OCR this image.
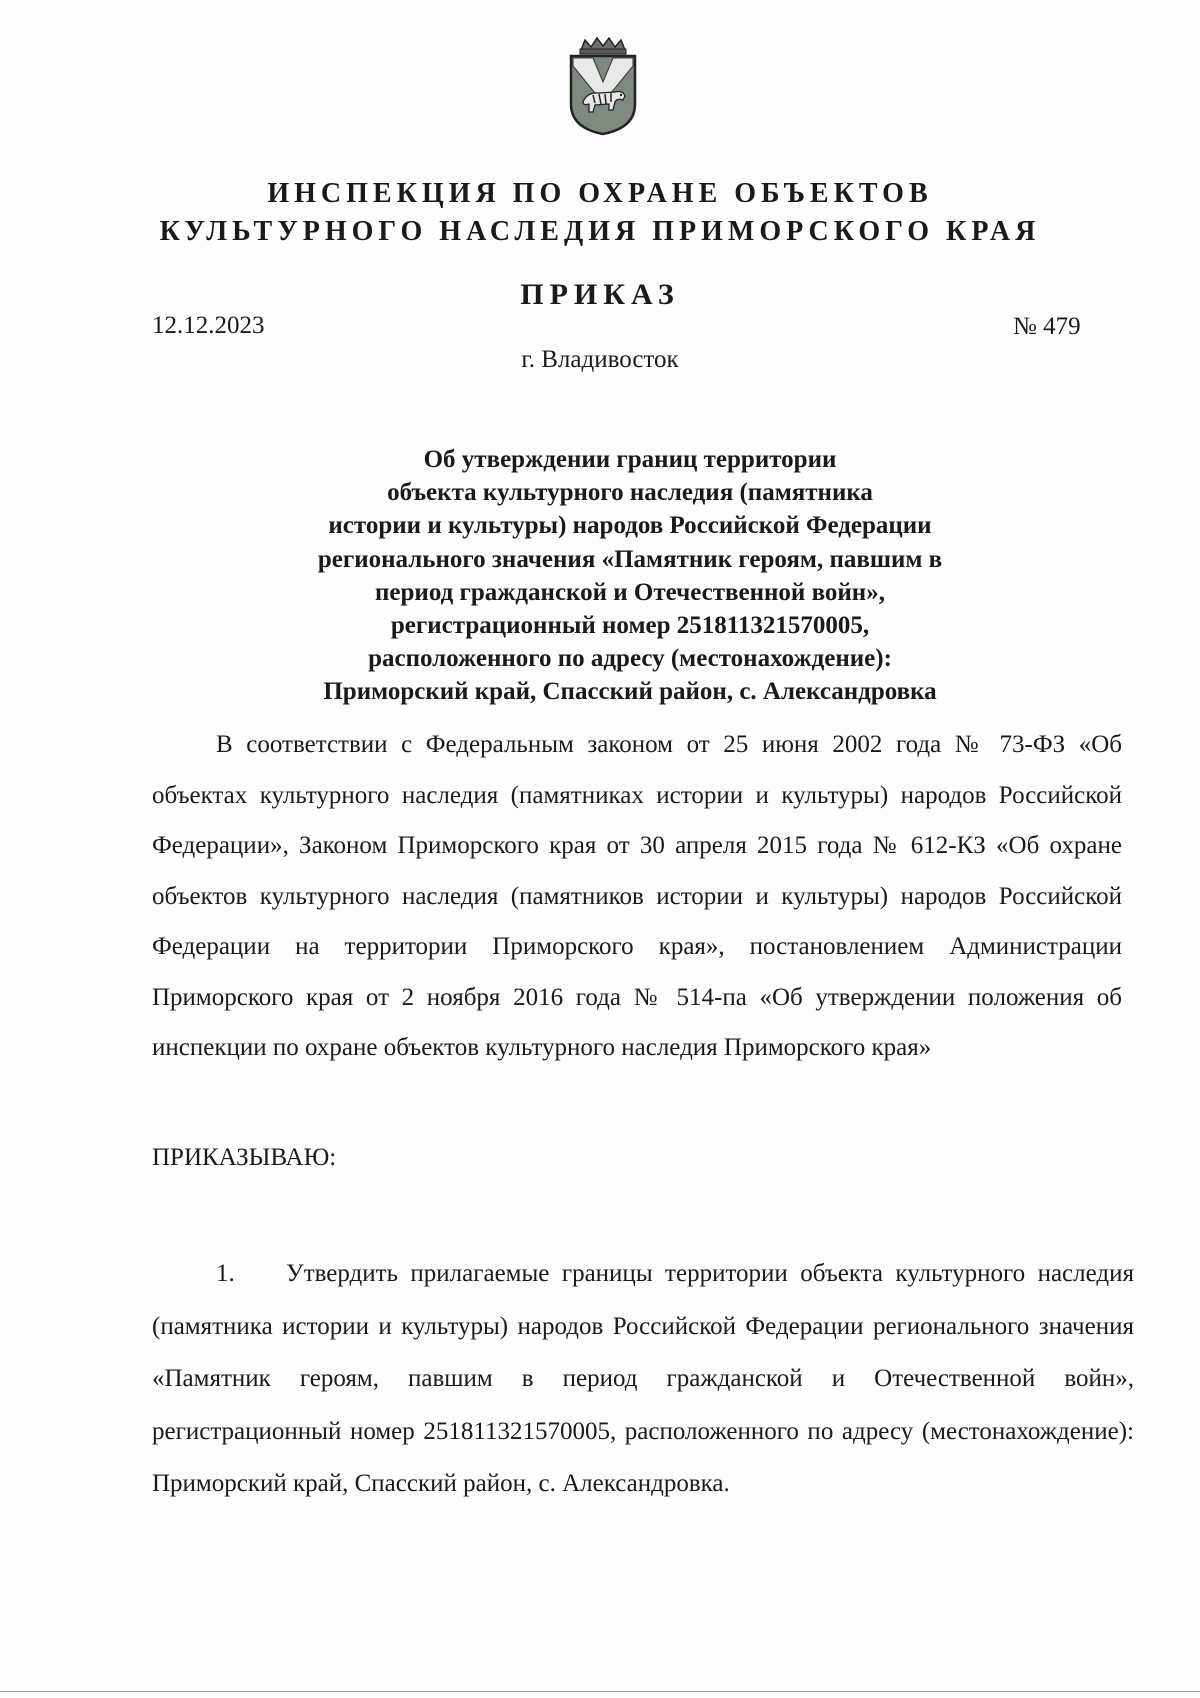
ИНСПЕКЦИЯ ПО ОХРАНЕ ОБЪЕКТОВ
КУЛЬТУРНОГО НАСЛЕДИЯ ПРИМОРСКОГО КРАЯ
ПРИКАЗ
12.12.2023	№ 479
г. Владивосток
Об утверждении границ территории
объекта культурного наследия (памятника
истории и культуры) народов Российской Федерации
регионального значения «Памятник героям, павшим в
период гражданской и Отечественной войн»,
регистрационный номер 251811321570005,
расположенного по адресу (местонахождение):
Приморский край, Спасский район, с. Александровка
В соответствии с Федеральным законом от 25 июня 2002 года № 73-ФЗ «Об объектах культурного наследия (памятниках истории и культуры) народов Российской Федерации», Законом Приморского края от 30 апреля 2015 года № 612-КЗ «Об охране объектов культурного наследия (памятников истории и культуры) народов Российской Федерации на территории Приморского края», постановлением Администрации Приморского края от 2 ноября 2016 года № 514-па «Об утверждении положения об инспекции по охране объектов культурного наследия Приморского края»
ПРИКАЗЫВАЮ:
1. Утвердить прилагаемые границы территории объекта культурного наследия (памятника истории и культуры) народов Российской Федерации регионального значения «Памятник героям, павшим в период гражданской и Отечественной войн», регистрационный номер 251811321570005, расположенного по адресу (местонахождение): Приморский край, Спасский район, с. Александровка.
